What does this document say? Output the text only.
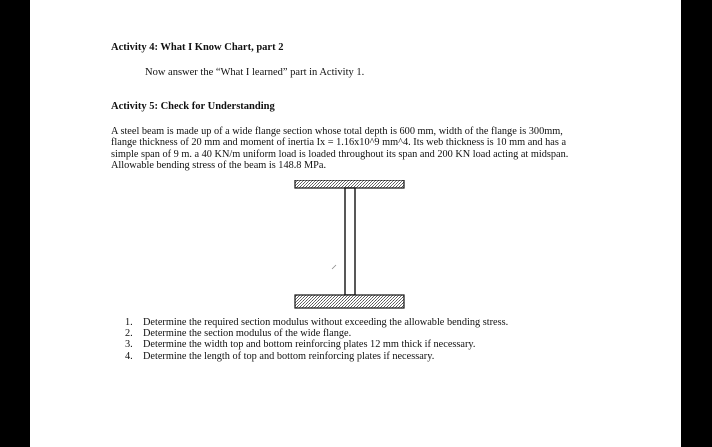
Activity 4: What I Know Chart, part 2
Now answer the “What I learned” part in Activity 1.
Activity 5: Check for Understanding
A steel beam is made up of a wide flange section whose total depth is 600 mm, width of the flange is 300mm,
flange thickness of 20 mm and moment of inertia Ix = 1.16x10^9 mm^4. Its web thickness is 10 mm and has a
simple span of 9 m. a 40 KN/m uniform load is loaded throughout its span and 200 KN load acting at midspan.
Allowable bending stress of the beam is 148.8 MPa.
1. Determine the required section modulus without exceeding the allowable bending stress.
2. Determine the section modulus of the wide flange.
3. Determine the width top and bottom reinforcing plates 12 mm thick if necessary.
4. Determine the length of top and bottom reinforcing plates if necessary.
